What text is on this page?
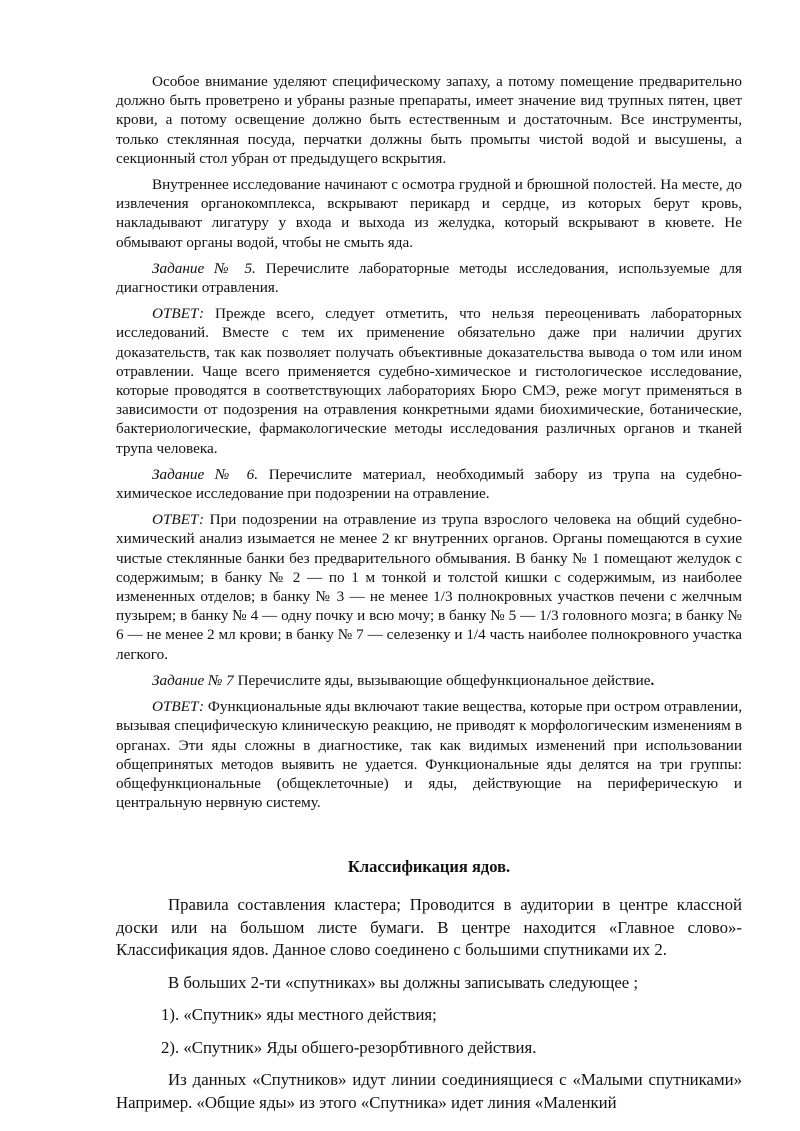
Особое внимание уделяют специфическому запаху, а потому помещение предварительно должно быть проветрено и убраны разные препараты, имеет значение вид трупных пятен, цвет крови, а потому освещение должно быть естественным и достаточным. Все инструменты, только стеклянная посуда, перчатки должны быть промыты чистой водой и высушены, а секционный стол убран от предыдущего вскрытия.

Внутреннее исследование начинают с осмотра грудной и брюшной полостей. На месте, до извлечения органокомплекса, вскрывают перикард и сердце, из которых берут кровь, накладывают лигатуру у входа и выхода из желудка, который вскрывают в кювете. Не обмывают органы водой, чтобы не смыть яда.

Задание № 5. Перечислите лабораторные методы исследования, используемые для диагностики отравления.

ОТВЕТ: Прежде всего, следует отметить, что нельзя переоценивать лабораторных исследований. Вместе с тем их применение обязательно даже при наличии других доказательств, так как позволяет получать объективные доказательства вывода о том или ином отравлении. Чаще всего применяется судебно-химическое и гистологическое исследование, которые проводятся в соответствующих лабораториях Бюро СМЭ, реже могут применяться в зависимости от подозрения на отравления конкретными ядами биохимические, ботанические, бактериологические, фармакологические методы исследования различных органов и тканей трупа человека.

Задание № 6. Перечислите материал, необходимый забору из трупа на судебно-химическое исследование при подозрении на отравление.

ОТВЕТ: При подозрении на отравление из трупа взрослого человека на общий судебно-химический анализ изымается не менее 2 кг внутренних органов. Органы помещаются в сухие чистые стеклянные банки без предварительного обмывания. В банку № 1 помещают желудок с содержимым; в банку № 2 — по 1 м тонкой и толстой кишки с содержимым, из наиболее измененных отделов; в банку № 3 — не менее 1/3 полнокровных участков печени с желчным пузырем; в банку № 4 — одну почку и всю мочу; в банку № 5 — 1/3 головного мозга; в банку № 6 — не менее 2 мл крови; в банку № 7 — селезенку и 1/4 часть наиболее полнокровного участка легкого.

Задание № 7 Перечислите яды, вызывающие общефункциональное действие.

ОТВЕТ: Функциональные яды включают такие вещества, которые при остром отравлении, вызывая специфическую клиническую реакцию, не приводят к морфологическим изменениям в органах. Эти яды сложны в диагностике, так как видимых изменений при использовании общепринятых методов выявить не удается. Функциональные яды делятся на три группы: общефункциональные (общеклеточные) и яды, действующие на периферическую и центральную нервную систему.

Классификация ядов.

Правила составления кластера; Проводится в аудитории в центре классной доски или на большом листе бумаги. В центре находится «Главное слово»- Классификация ядов. Данное слово соединено с большими спутниками их 2.

В больших 2-ти «спутниках» вы должны записывать следующее ;

1). «Спутник» яды местного действия;

2). «Спутник» Яды обшего-резорбтивного действия.

Из данных «Спутников» идут линии соединиящиеся с «Малыми спутниками» Например. «Общие яды» из этого «Спутника» идет линия «Маленкий
